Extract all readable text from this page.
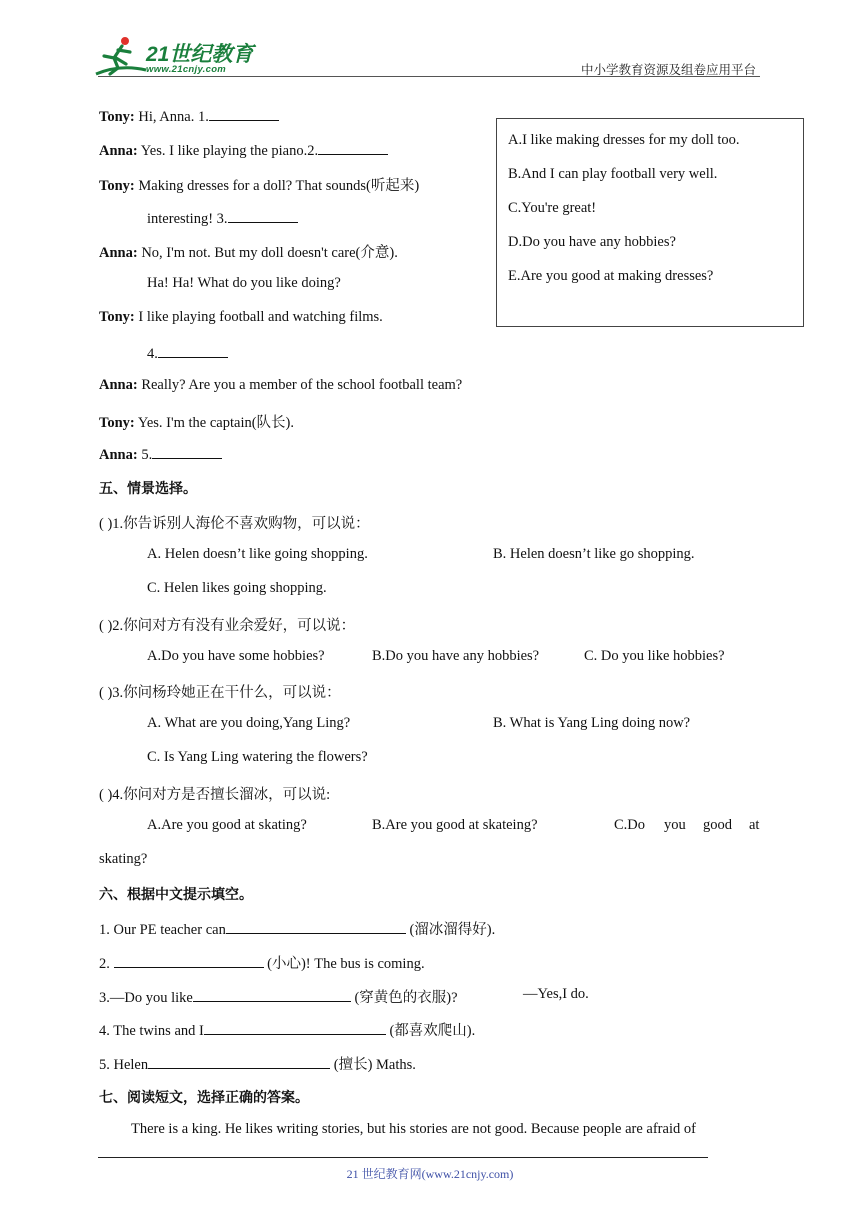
21世纪教育
www.21cnjy.com	中小学教育资源及组卷应用平台
Tony: Hi, Anna. 1.
Anna: Yes. I like playing the piano.2.
Tony: Making dresses for a doll? That sounds(听起来)
interesting! 3.
Anna: No, I'm not. But my doll doesn't care(介意).
Ha! Ha! What do you like doing?
Tony: I like playing football and watching films.
4.
Anna: Really? Are you a member of the school football team?
Tony: Yes. I'm the captain(队长).
Anna: 5.
A.I like making dresses for my doll too.
B.And I can play football very well.
C.You're great!
D.Do you have any hobbies?
E.Are you good at making dresses?
五、情景选择。
( )1.你告诉别人海伦不喜欢购物，可以说：
A. Helen doesn’t like going shopping.	B. Helen doesn’t like go shopping.
C. Helen likes going shopping.
( )2.你问对方有没有业余爱好，可以说：
A.Do you have some hobbies?	B.Do you have any hobbies?	C. Do you like hobbies?
( )3.你问杨玲她正在干什么，可以说：
A. What are you doing,Yang Ling?	B. What is Yang Ling doing now?
C. Is Yang Ling watering the flowers?
( )4.你问对方是否擅长溜冰，可以说:
A.Are you good at skating?	B.Are you good at skateing?	C.Do you good at
skating?
六、根据中文提示填空。
1. Our PE teacher can	(溜冰溜得好).
2.	(小心)! The bus is coming.
3.—Do you like	(穿黄色的衣服)?	—Yes,I do.
4. The twins and I	(都喜欢爬山).
5. Helen	(擅长) Maths.
七、阅读短文，选择正确的答案。
There is a king. He likes writing stories, but his stories are not good. Because people are afraid of
21 世纪教育网(www.21cnjy.com)
